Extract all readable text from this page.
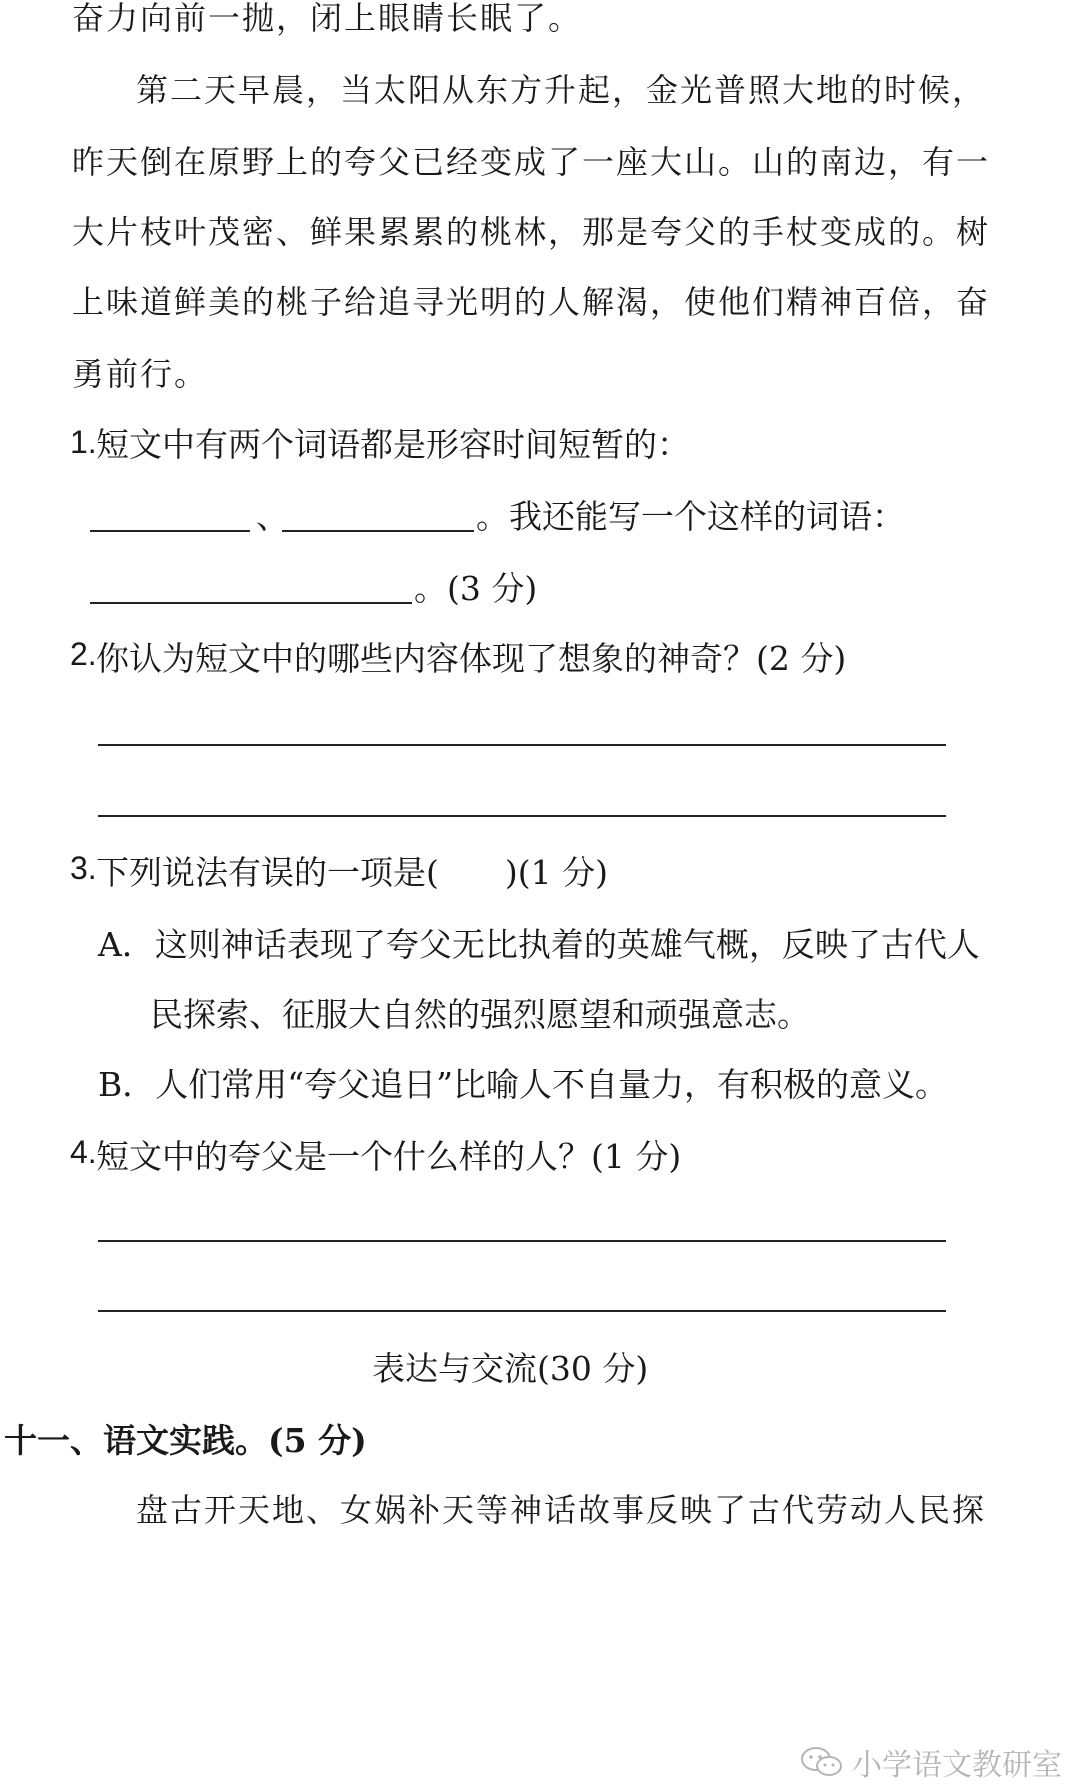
奋力向前一抛，闭上眼睛长眠了。
第二天早晨，当太阳从东方升起，金光普照大地的时候，
昨天倒在原野上的夸父已经变成了一座大山。山的南边，有一
大片枝叶茂密、鲜果累累的桃林，那是夸父的手杖变成的。树
上味道鲜美的桃子给追寻光明的人解渴，使他们精神百倍，奋
勇前行。
1. 短文中有两个词语都是形容时间短暂的：
、	。我还能写一个这样的词语：
。(3 分)
2. 你认为短文中的哪些内容体现了想象的神奇？(2 分)
3. 下列说法有误的一项是(　　)(1 分)
A．这则神话表现了夸父无比执着的英雄气概，反映了古代人
民探索、征服大自然的强烈愿望和顽强意志。
B．人们常用“夸父追日”比喻人不自量力，有积极的意义。
4. 短文中的夸父是一个什么样的人？(1 分)
表达与交流(30 分)
十一、语文实践。(5 分)
盘古开天地、女娲补天等神话故事反映了古代劳动人民探
小学语文教研室
